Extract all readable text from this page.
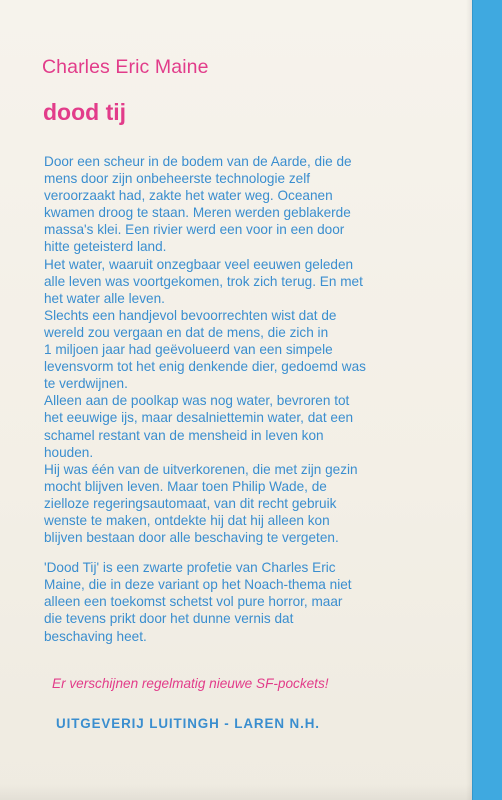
Charles Eric Maine
dood tij
Door een scheur in de bodem van de Aarde, die de
mens door zijn onbeheerste technologie zelf
veroorzaakt had, zakte het water weg. Oceanen
kwamen droog te staan. Meren werden geblakerde
massa's klei. Een rivier werd een voor in een door
hitte geteisterd land.
Het water, waaruit onzegbaar veel eeuwen geleden
alle leven was voortgekomen, trok zich terug. En met
het water alle leven.
Slechts een handjevol bevoorrechten wist dat de
wereld zou vergaan en dat de mens, die zich in
1 miljoen jaar had geëvolueerd van een simpele
levensvorm tot het enig denkende dier, gedoemd was
te verdwijnen.
Alleen aan de poolkap was nog water, bevroren tot
het eeuwige ijs, maar desalniettemin water, dat een
schamel restant van de mensheid in leven kon
houden.
Hij was één van de uitverkorenen, die met zijn gezin
mocht blijven leven. Maar toen Philip Wade, de
zielloze regeringsautomaat, van dit recht gebruik
wenste te maken, ontdekte hij dat hij alleen kon
blijven bestaan door alle beschaving te vergeten.
'Dood Tij' is een zwarte profetie van Charles Eric
Maine, die in deze variant op het Noach-thema niet
alleen een toekomst schetst vol pure horror, maar
die tevens prikt door het dunne vernis dat
beschaving heet.
Er verschijnen regelmatig nieuwe SF-pockets!
UITGEVERIJ LUITINGH - LAREN N.H.
